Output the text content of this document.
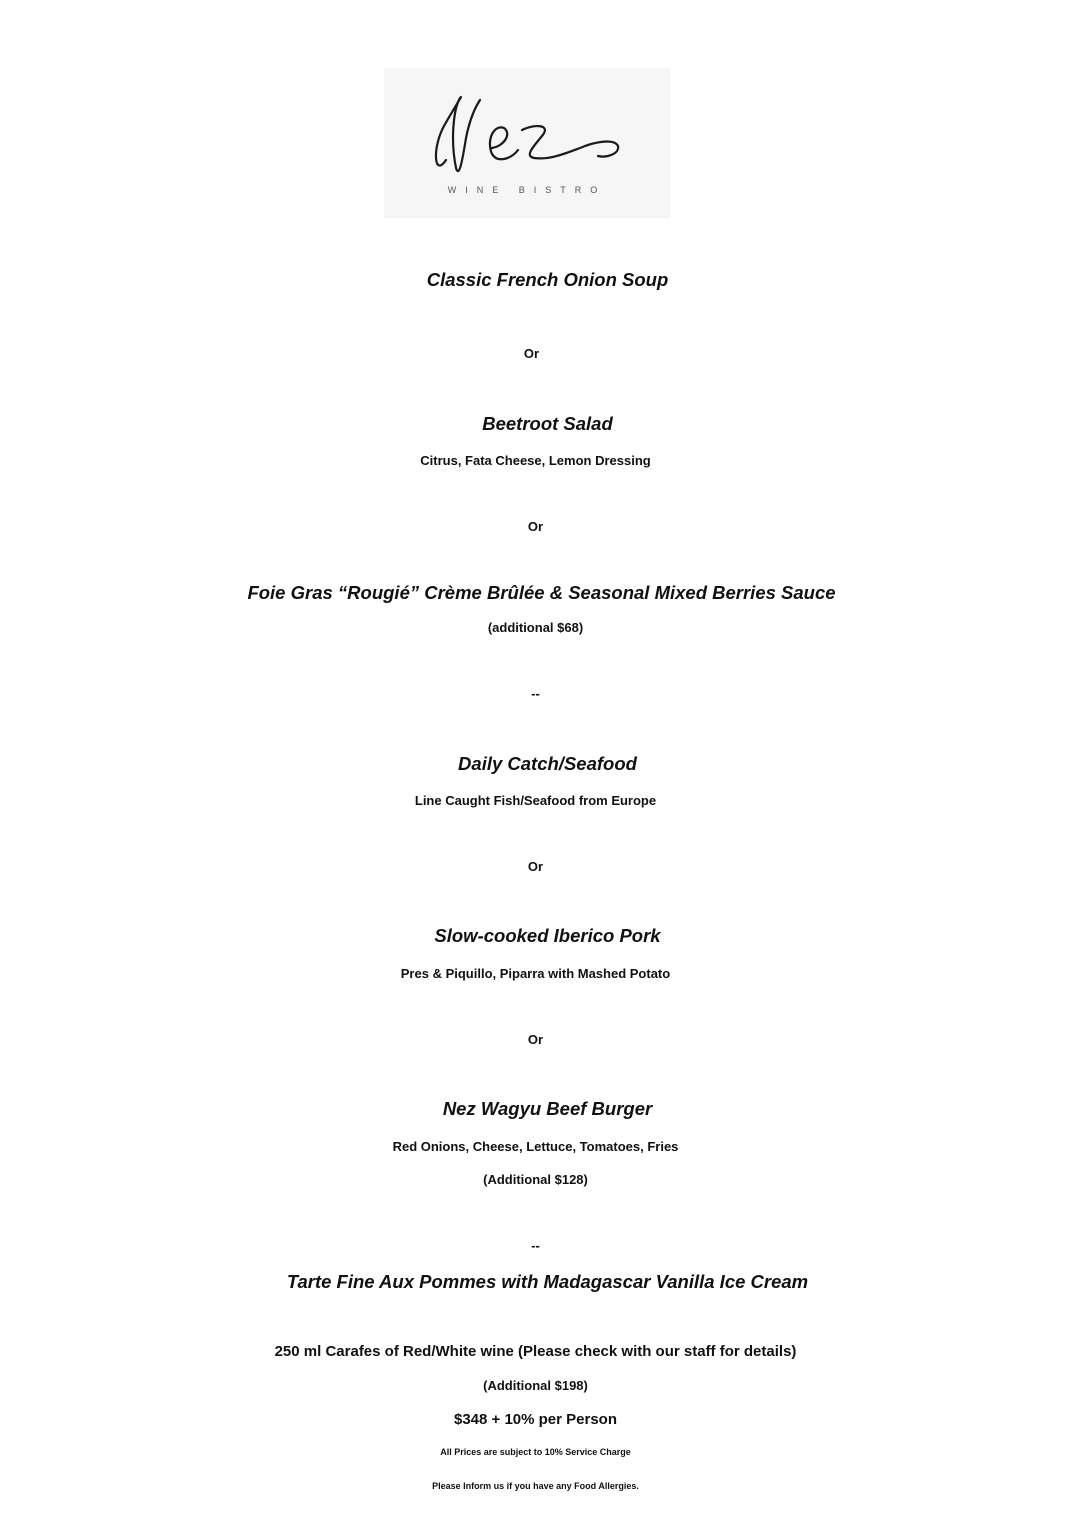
WINE BISTRO
Classic French Onion Soup
Or
Beetroot Salad
Citrus, Fata Cheese, Lemon Dressing
Or
Foie Gras “Rougié” Crème Brûlée & Seasonal Mixed Berries Sauce
(additional $68)
--
Daily Catch/Seafood
Line Caught Fish/Seafood from Europe
Or
Slow-cooked Iberico Pork
Pres & Piquillo, Piparra with Mashed Potato
Or
Nez Wagyu Beef Burger
Red Onions, Cheese, Lettuce, Tomatoes, Fries
(Additional $128)
--
Tarte Fine Aux Pommes with Madagascar Vanilla Ice Cream
250 ml Carafes of Red/White wine (Please check with our staff for details)
(Additional $198)
$348 + 10% per Person
All Prices are subject to 10% Service Charge
Please Inform us if you have any Food Allergies.
